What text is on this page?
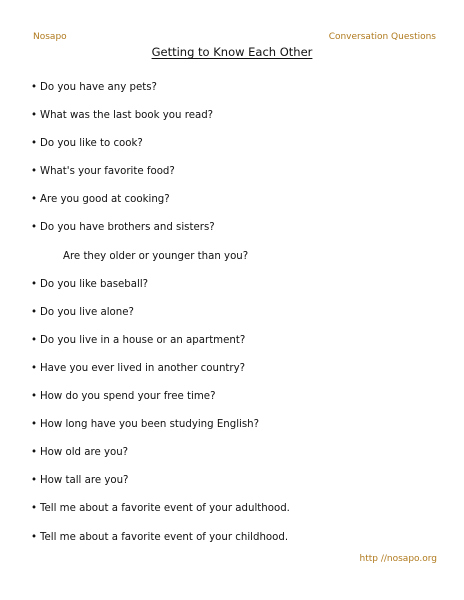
Nosapo	Conversation Questions
Getting to Know Each Other
• Do you have any pets?
• What was the last book you read?
• Do you like to cook?
• What's your favorite food?
• Are you good at cooking?
• Do you have brothers and sisters?
Are they older or younger than you?
• Do you like baseball?
• Do you live alone?
• Do you live in a house or an apartment?
• Have you ever lived in another country?
• How do you spend your free time?
• How long have you been studying English?
• How old are you?
• How tall are you?
• Tell me about a favorite event of your adulthood.
• Tell me about a favorite event of your childhood.
http //nosapo.org
